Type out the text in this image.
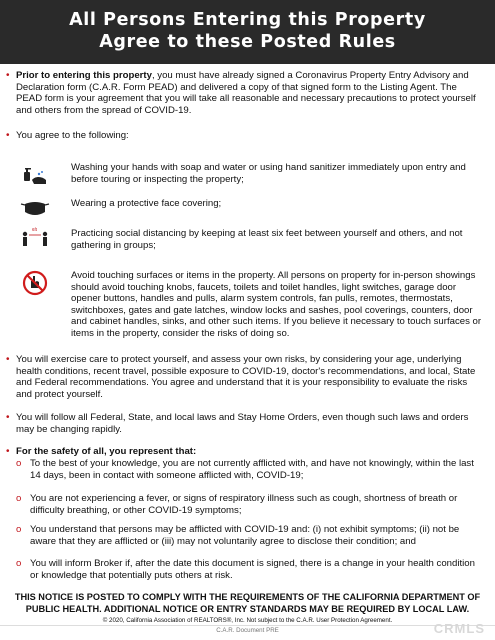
All Persons Entering this Property
Agree to these Posted Rules
• Prior to entering this property, you must have already signed a Coronavirus Property Entry Advisory and Declaration form (C.A.R. Form PEAD) and delivered a copy of that signed form to the Listing Agent. The PEAD form is your agreement that you will take all reasonable and necessary precautions to protect yourself and others from the spread of COVID-19.
• You agree to the following:
Washing your hands with soap and water or using hand sanitizer immediately upon entry and before touring or inspecting the property;
Wearing a protective face covering;
6ft	Practicing social distancing by keeping at least six feet between yourself and others, and not gathering in groups;
Avoid touching surfaces or items in the property. All persons on property for in-person showings should avoid touching knobs, faucets, toilets and toilet handles, light switches, garage door opener buttons, handles and pulls, alarm system controls, fan pulls, remotes, thermostats, switchboxes, gates and gate latches, window locks and sashes, pool coverings, counters, door and cabinet handles, sinks, and other such items. If you believe it necessary to touch surfaces or items in the property, consider the risks of doing so.
• You will exercise care to protect yourself, and assess your own risks, by considering your age, underlying health conditions, recent travel, possible exposure to COVID-19, doctor's recommendations, and local, State and Federal recommendations. You agree and understand that it is your responsibility to evaluate the risks and protect yourself.
• You will follow all Federal, State, and local laws and Stay Home Orders, even though such laws and orders may be changing rapidly.
• For the safety of all, you represent that:
o To the best of your knowledge, you are not currently afflicted with, and have not knowingly, within the last 14 days, been in contact with someone afflicted with, COVID-19;
o You are not experiencing a fever, or signs of respiratory illness such as cough, shortness of breath or difficulty breathing, or other COVID-19 symptoms;
o You understand that persons may be afflicted with COVID-19 and: (i) not exhibit symptoms; (ii) not be aware that they are afflicted or (iii) may not voluntarily agree to disclose their condition; and
o You will inform Broker if, after the date this document is signed, there is a change in your health condition or knowledge that potentially puts others at risk.
THIS NOTICE IS POSTED TO COMPLY WITH THE REQUIREMENTS OF THE CALIFORNIA DEPARTMENT OF
PUBLIC HEALTH. ADDITIONAL NOTICE OR ENTRY STANDARDS MAY BE REQUIRED BY LOCAL LAW.
© 2020, California Association of REALTORS®, Inc. Not subject to the C.A.R. User Protection Agreement.
C.A.R. Document PRE	CRMLS
